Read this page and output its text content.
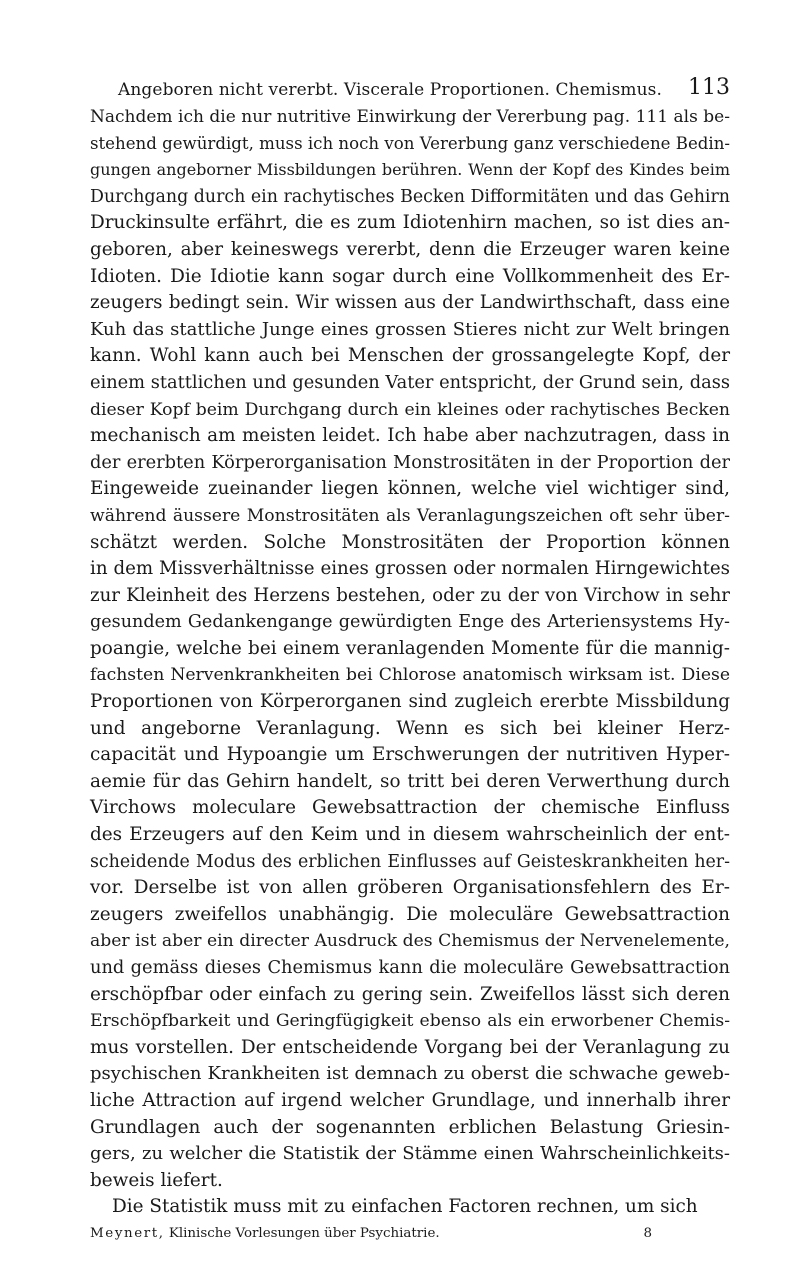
Angeboren nicht vererbt. Viscerale Proportionen. Chemismus. 113
Nachdem ich die nur nutritive Einwirkung der Vererbung pag. 111 als be-
stehend gewürdigt, muss ich noch von Vererbung ganz verschiedene Bedin-
gungen angeborner Missbildungen berühren. Wenn der Kopf des Kindes beim
Durchgang durch ein rachytisches Becken Difformitäten und das Gehirn
Druckinsulte erfährt, die es zum Idiotenhirn machen, so ist dies an-
geboren, aber keineswegs vererbt, denn die Erzeuger waren keine
Idioten. Die Idiotie kann sogar durch eine Vollkommenheit des Er-
zeugers bedingt sein. Wir wissen aus der Landwirthschaft, dass eine
Kuh das stattliche Junge eines grossen Stieres nicht zur Welt bringen
kann. Wohl kann auch bei Menschen der grossangelegte Kopf, der
einem stattlichen und gesunden Vater entspricht, der Grund sein, dass
dieser Kopf beim Durchgang durch ein kleines oder rachytisches Becken
mechanisch am meisten leidet. Ich habe aber nachzutragen, dass in
der ererbten Körperorganisation Monstrositäten in der Proportion der
Eingeweide zueinander liegen können, welche viel wichtiger sind,
während äussere Monstrositäten als Veranlagungszeichen oft sehr über-
schätzt werden. Solche Monstrositäten der Proportion können
in dem Missverhältnisse eines grossen oder normalen Hirngewichtes
zur Kleinheit des Herzens bestehen, oder zu der von Virchow in sehr
gesundem Gedankengange gewürdigten Enge des Arteriensystems Hy-
poangie, welche bei einem veranlagenden Momente für die mannig-
fachsten Nervenkrankheiten bei Chlorose anatomisch wirksam ist. Diese
Proportionen von Körperorganen sind zugleich ererbte Missbildung
und angeborne Veranlagung. Wenn es sich bei kleiner Herz-
capacität und Hypoangie um Erschwerungen der nutritiven Hyper-
aemie für das Gehirn handelt, so tritt bei deren Verwerthung durch
Virchows moleculare Gewebsattraction der chemische Einfluss
des Erzeugers auf den Keim und in diesem wahrscheinlich der ent-
scheidende Modus des erblichen Einflusses auf Geisteskrankheiten her-
vor. Derselbe ist von allen gröberen Organisationsfehlern des Er-
zeugers zweifellos unabhängig. Die moleculäre Gewebsattraction
aber ist aber ein directer Ausdruck des Chemismus der Nervenelemente,
und gemäss dieses Chemismus kann die moleculäre Gewebsattraction
erschöpfbar oder einfach zu gering sein. Zweifellos lässt sich deren
Erschöpfbarkeit und Geringfügigkeit ebenso als ein erworbener Chemis-
mus vorstellen. Der entscheidende Vorgang bei der Veranlagung zu
psychischen Krankheiten ist demnach zu oberst die schwache geweb-
liche Attraction auf irgend welcher Grundlage, und innerhalb ihrer
Grundlagen auch der sogenannten erblichen Belastung Griesin-
gers, zu welcher die Statistik der Stämme einen Wahrscheinlichkeits-
beweis liefert.
Die Statistik muss mit zu einfachen Factoren rechnen, um sich
Meynert, Klinische Vorlesungen über Psychiatrie.	8
